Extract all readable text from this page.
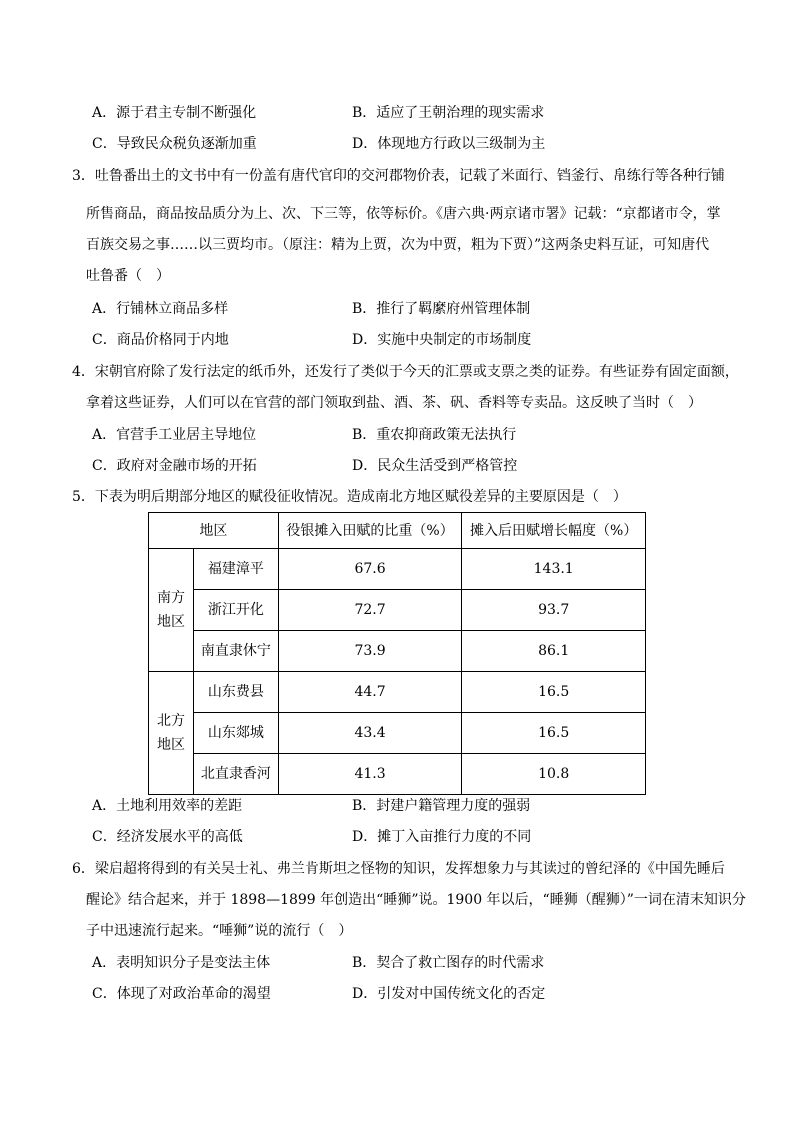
A．源于君主专制不断强化	B．适应了王朝治理的现实需求
C．导致民众税负逐渐加重	D．体现地方行政以三级制为主
3．吐鲁番出土的文书中有一份盖有唐代官印的交河郡物价表，记载了米面行、铛釜行、帛练行等各种行铺
所售商品，商品按品质分为上、次、下三等，依等标价。《唐六典·两京诸市署》记载：“京都诸市令，掌
百族交易之事……以三贾均市。（原注：精为上贾，次为中贾，粗为下贾）”这两条史料互证，可知唐代
吐鲁番（　）
A．行铺林立商品多样	B．推行了羁縻府州管理体制
C．商品价格同于内地	D．实施中央制定的市场制度
4．宋朝官府除了发行法定的纸币外，还发行了类似于今天的汇票或支票之类的证券。有些证券有固定面额，
拿着这些证券，人们可以在官营的部门领取到盐、酒、茶、矾、香料等专卖品。这反映了当时（　）
A．官营手工业居主导地位	B．重农抑商政策无法执行
C．政府对金融市场的开拓	D．民众生活受到严格管控
5．下表为明后期部分地区的赋役征收情况。造成南北方地区赋役差异的主要原因是（　）
地区		役银摊入田赋的比重（%）	摊入后田赋增长幅度（%）
南方地区	福建漳平	67.6	143.1
	浙江开化	72.7	93.7
	南直隶休宁	73.9	86.1
北方地区	山东费县	44.7	16.5
	山东郯城	43.4	16.5
	北直隶香河	41.3	10.8
A．土地利用效率的差距	B．封建户籍管理力度的强弱
C．经济发展水平的高低	D．摊丁入亩推行力度的不同
6．梁启超将得到的有关吴士礼、弗兰肯斯坦之怪物的知识，发挥想象力与其读过的曾纪泽的《中国先睡后
醒论》结合起来，并于 1898—1899 年创造出“睡狮”说。1900 年以后，“睡狮（醒狮）”一词在清末知识分
子中迅速流行起来。“唾狮”说的流行（　）
A．表明知识分子是变法主体	B．契合了救亡图存的时代需求
C．体现了对政治革命的渴望	D．引发对中国传统文化的否定
